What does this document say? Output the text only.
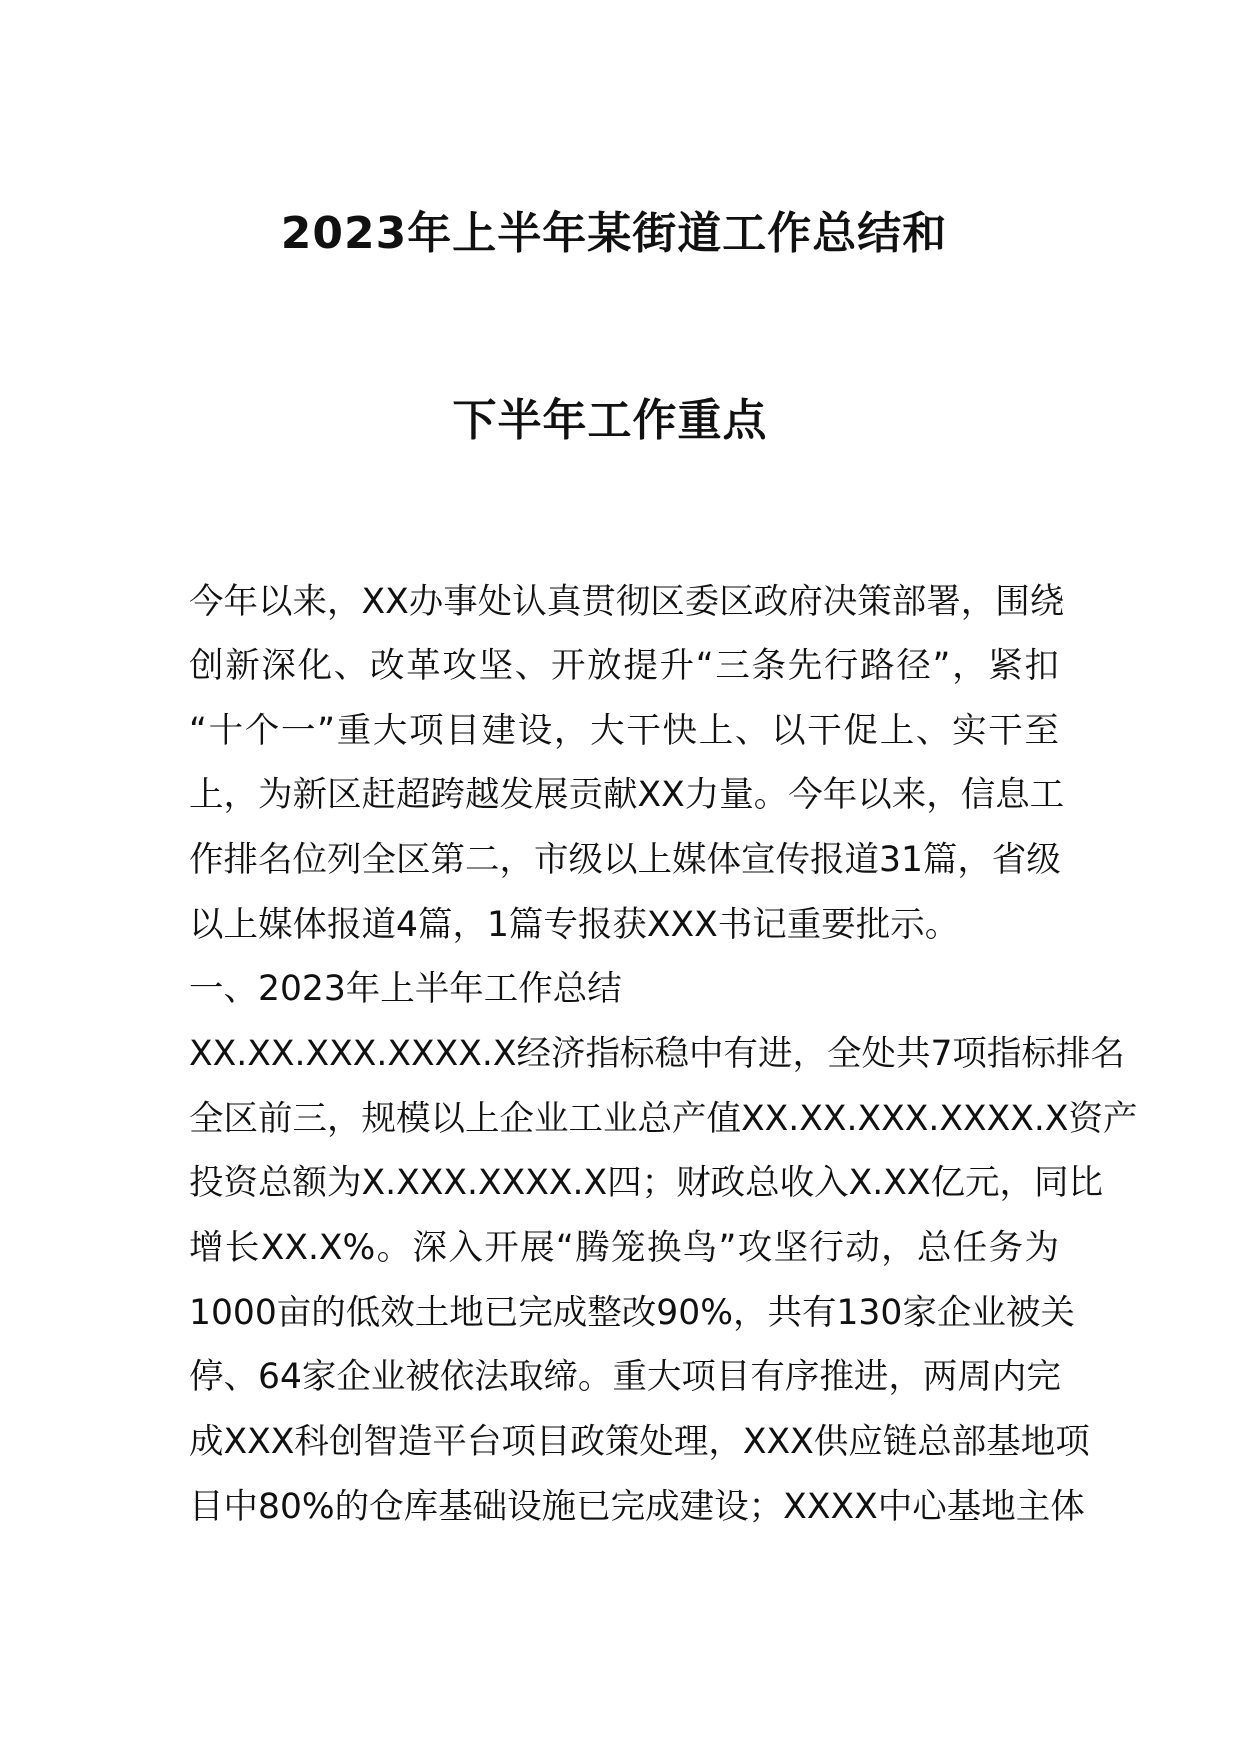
2023年上半年某街道工作总结和
下半年工作重点
今年以来，XX办事处认真贯彻区委区政府决策部署，围绕
创新深化、改革攻坚、开放提升“三条先行路径”，紧扣
“十个一”重大项目建设，大干快上、以干促上、实干至
上，为新区赶超跨越发展贡献XX力量。今年以来，信息工
作排名位列全区第二，市级以上媒体宣传报道31篇，省级
以上媒体报道4篇，1篇专报获XXX书记重要批示。
一、2023年上半年工作总结
XX.XX.XXX.XXXX.X经济指标稳中有进，全处共7项指标排名
全区前三，规模以上企业工业总产值XX.XX.XXX.XXXX.X资产
投资总额为X.XXX.XXXX.X四；财政总收入X.XX亿元，同比
增长XX.X%。深入开展“腾笼换鸟”攻坚行动，总任务为
1000亩的低效土地已完成整改90%，共有130家企业被关
停、64家企业被依法取缔。重大项目有序推进，两周内完
成XXX科创智造平台项目政策处理，XXX供应链总部基地项
目中80%的仓库基础设施已完成建设；XXXX中心基地主体
